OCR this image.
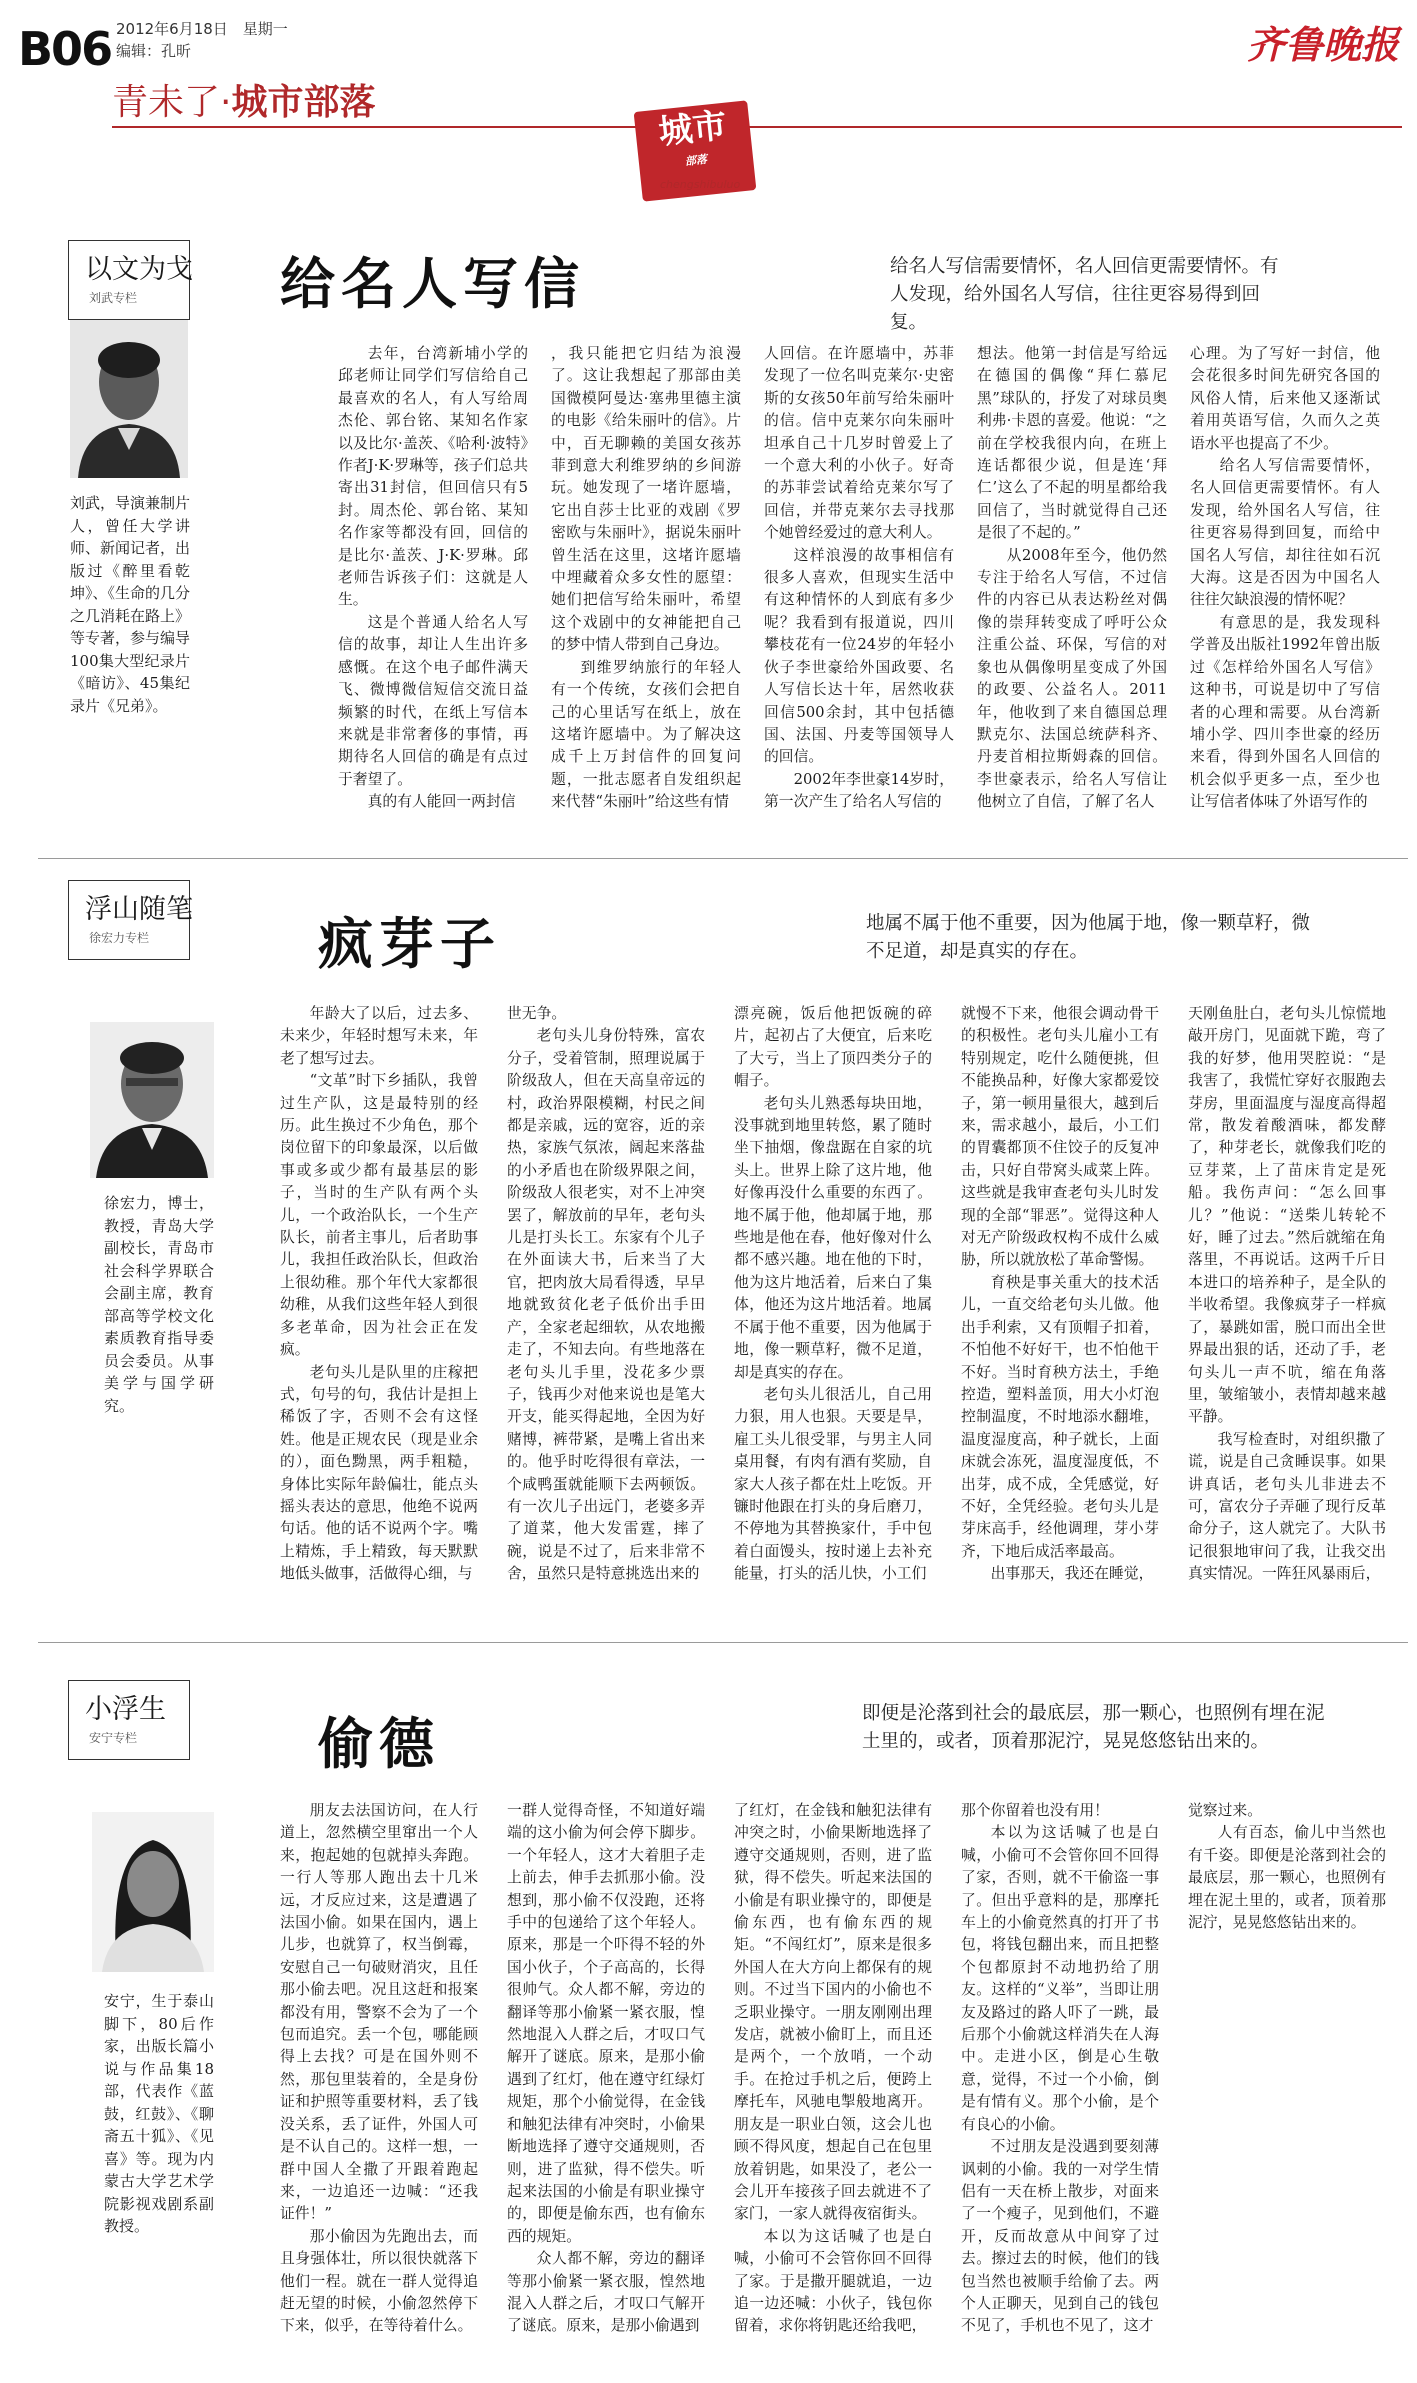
B06 2012年6月18日　星期一
编辑：孔昕
青未了·城市部落
齐鲁晚报
城市
部落
chengshibuluo
以文为戈
刘武专栏
刘武，导演兼制片人，曾任大学讲师、新闻记者，出版过《醉里看乾坤》、《生命的几分之几消耗在路上》等专著，参与编导100集大型纪录片《暗访》、45集纪录片《兄弟》。
给名人写信	给名人写信需要情怀，名人回信更需要情怀。有人发现，给外国名人写信，往往更容易得到回复。

去年，台湾新埔小学的邱老师让同学们写信给自己最喜欢的名人，有人写给周杰伦、郭台铭、某知名作家以及比尔·盖茨、《哈利·波特》作者J·K·罗琳等，孩子们总共寄出31封信，但回信只有5封。周杰伦、郭台铭、某知名作家等都没有回，回信的是比尔·盖茨、J·K·罗琳。邱老师告诉孩子们：这就是人生。

这是个普通人给名人写信的故事，却让人生出许多感慨。在这个电子邮件满天飞、微博微信短信交流日益频繁的时代，在纸上写信本来就是非常奢侈的事情，再期待名人回信的确是有点过于奢望了。

真的有人能回一两封信

，我只能把它归结为浪漫了。这让我想起了那部由美国微模阿曼达·塞弗里德主演的电影《给朱丽叶的信》。片中，百无聊赖的美国女孩苏菲到意大利维罗纳的乡间游玩。她发现了一堵许愿墙，它出自莎士比亚的戏剧《罗密欧与朱丽叶》，据说朱丽叶曾生活在这里，这堵许愿墙中埋藏着众多女性的愿望：她们把信写给朱丽叶，希望这个戏剧中的女神能把自己的梦中情人带到自己身边。

到维罗纳旅行的年轻人有一个传统，女孩们会把自己的心里话写在纸上，放在这堵许愿墙中。为了解决这成千上万封信件的回复问题，一批志愿者自发组织起来代替“朱丽叶”给这些有情

人回信。在许愿墙中，苏菲发现了一位名叫克莱尔·史密斯的女孩50年前写给朱丽叶的信。信中克莱尔向朱丽叶坦承自己十几岁时曾爱上了一个意大利的小伙子。好奇的苏菲尝试着给克莱尔写了回信，并带克莱尔去寻找那个她曾经爱过的意大利人。

这样浪漫的故事相信有很多人喜欢，但现实生活中有这种情怀的人到底有多少呢？我看到有报道说，四川攀枝花有一位24岁的年轻小伙子李世豪给外国政要、名人写信长达十年，居然收获回信500余封，其中包括德国、法国、丹麦等国领导人的回信。

2002年李世豪14岁时，第一次产生了给名人写信的

想法。他第一封信是写给远在德国的偶像“拜仁慕尼黑”球队的，抒发了对球员奥利弗·卡恩的喜爱。他说：“之前在学校我很内向，在班上连话都很少说，但是连‘拜仁’这么了不起的明星都给我回信了，当时就觉得自己还是很了不起的。”

从2008年至今，他仍然专注于给名人写信，不过信件的内容已从表达粉丝对偶像的崇拜转变成了呼吁公众注重公益、环保，写信的对象也从偶像明星变成了外国的政要、公益名人。2011年，他收到了来自德国总理默克尔、法国总统萨科齐、丹麦首相拉斯姆森的回信。李世豪表示，给名人写信让他树立了自信，了解了名人

心理。为了写好一封信，他会花很多时间先研究各国的风俗人情，后来他又逐渐试着用英语写信，久而久之英语水平也提高了不少。

给名人写信需要情怀，名人回信更需要情怀。有人发现，给外国名人写信，往往更容易得到回复，而给中国名人写信，却往往如石沉大海。这是否因为中国名人往往欠缺浪漫的情怀呢？

有意思的是，我发现科学普及出版社1992年曾出版过《怎样给外国名人写信》这种书，可说是切中了写信者的心理和需要。从台湾新埔小学、四川李世豪的经历来看，得到外国名人回信的机会似乎更多一点，至少也让写信者体味了外语写作的

浮山随笔
徐宏力专栏
徐宏力，博士，教授，青岛大学副校长，青岛市社会科学界联合会副主席，教育部高等学校文化素质教育指导委员会委员。从事美学与国学研究。
疯芽子	地属不属于他不重要，因为他属于地，像一颗草籽，微不足道，却是真实的存在。

年龄大了以后，过去多、未来少，年轻时想写未来，年老了想写过去。

“文革”时下乡插队，我曾过生产队，这是最特别的经历。此生换过不少角色，那个岗位留下的印象最深，以后做事或多或少都有最基层的影子，当时的生产队有两个头儿，一个政治队长，一个生产队长，前者主事儿，后者助事儿，我担任政治队长，但政治上很幼稚。那个年代大家都很幼稚，从我们这些年轻人到很多老革命，因为社会正在发疯。

老句头儿是队里的庄稼把式，句号的句，我估计是担上稀饭了字，否则不会有这怪姓。他是正规农民（现是业余的），面色黝黑，两手粗糙，身体比实际年龄偏壮，能点头摇头表达的意思，他绝不说两句话。他的话不说两个字。嘴上精炼，手上精致，每天默默地低头做事，活做得心细，与

世无争。

老句头儿身份特殊，富农分子，受着管制，照理说属于阶级敌人，但在天高皇帝远的村，政治界限模糊，村民之间都是亲戚，远的宽容，近的亲热，家族气氛浓，阔起来落盐的小矛盾也在阶级界限之间，阶级敌人很老实，对不上冲突罢了，解放前的早年，老句头儿是打头长工。东家有个儿子在外面读大书，后来当了大官，把肉放大局看得透，早早地就致贫化老子低价出手田产，全家老起细软，从农地搬走了，不知去向。有些地落在老句头儿手里，没花多少票子，钱再少对他来说也是笔大开支，能买得起地，全因为好赌博，裤带紧，是嘴上省出来的。他乎时吃得很有章法，一个咸鸭蛋就能顺下去两顿饭。有一次儿子出远门，老婆多弄了道菜，他大发雷霆，摔了碗，说是不过了，后来非常不舍，虽然只是特意挑选出来的

漂亮碗，饭后他把饭碗的碎片，起初占了大便宜，后来吃了大亏，当上了顶四类分子的帽子。

老句头儿熟悉每块田地，没事就到地里转悠，累了随时坐下抽烟，像盘踞在自家的坑头上。世界上除了这片地，他好像再没什么重要的东西了。地不属于他，他却属于地，那些地是他在春，他好像对什么都不感兴趣。地在他的下时，他为这片地活着，后来白了集体，他还为这片地活着。地属不属于他不重要，因为他属于地，像一颗草籽，微不足道，却是真实的存在。

老句头儿很活儿，自己用力狠，用人也狠。天要是旱，雇工头儿很受罪，与男主人同桌用餐，有肉有酒有奖励，自家大人孩子都在灶上吃饭。开镰时他跟在打头的身后磨刀，不停地为其替换家什，手中包着白面馒头，按时递上去补充能量，打头的活儿快，小工们

就慢不下来，他很会调动骨干的积极性。老句头儿雇小工有特别规定，吃什么随便挑，但不能换品种，好像大家都爱饺子，第一顿用量很大，越到后来，需求越小，最后，小工们的胃囊都顶不住饺子的反复冲击，只好自带窝头咸菜上阵。这些就是我审查老句头儿时发现的全部“罪恶”。觉得这种人对无产阶级政权构不成什么威胁，所以就放松了革命警惕。

育秧是事关重大的技术活儿，一直交给老句头儿做。他出手利索，又有顶帽子扣着，不怕他不好好干，也不怕他干不好。当时育秧方法土，手绝控造，塑料盖顶，用大小灯泡控制温度，不时地添水翻堆，温度湿度高，种子就长，上面床就会冻死，温度湿度低，不出芽，成不成，全凭感觉，好不好，全凭经验。老句头儿是芽床高手，经他调理，芽小芽齐，下地后成活率最高。

出事那天，我还在睡觉，

天刚鱼肚白，老句头儿惊慌地敲开房门，见面就下跪，弯了我的好梦，他用哭腔说：“是我害了，我慌忙穿好衣服跑去芽房，里面温度与湿度高得超常，散发着酸酒味，都发酵了，种芽老长，就像我们吃的豆芽菜，上了苗床肯定是死船。我伤声问：“怎么回事儿？”他说：“送柴儿转轮不好，睡了过去。”然后就缩在角落里，不再说话。这两千斤日本进口的培养种子，是全队的半收希望。我像疯芽子一样疯了，暴跳如雷，脱口而出全世界最出狠的话，还动了手，老句头儿一声不吭，缩在角落里，皱缩皱小，表情却越来越平静。

我写检查时，对组织撒了谎，说是自己贪睡误事。如果讲真话，老句头儿非进去不可，富农分子弄砸了现行反革命分子，这人就完了。大队书记很狠地审问了我，让我交出真实情况。一阵狂风暴雨后，

小浮生
安宁专栏
安宁，生于泰山脚下，80后作家，出版长篇小说与作品集18部，代表作《蓝鼓，红鼓》、《聊斋五十狐》、《见喜》等。现为内蒙古大学艺术学院影视戏剧系副教授。
偷德	即便是沦落到社会的最底层，那一颗心，也照例有埋在泥土里的，或者，顶着那泥泞，晃晃悠悠钻出来的。

朋友去法国访问，在人行道上，忽然横空里窜出一个人来，抱起她的包就掉头奔跑。一行人等那人跑出去十几米远，才反应过来，这是遭遇了法国小偷。如果在国内，遇上儿步，也就算了，权当倒霉，安慰自己一句破财消灾，且任那小偷去吧。况且这赶和报案都没有用，警察不会为了一个包而追究。丢一个包，哪能顾得上去找？可是在国外则不然，那包里装着的，全是身份证和护照等重要材料，丢了钱没关系，丢了证件，外国人可是不认自己的。这样一想，一群中国人全撒了开跟着跑起来，一边追还一边喊：“还我证件！”

那小偷因为先跑出去，而且身强体壮，所以很快就落下他们一程。就在一群人觉得追赶无望的时候，小偷忽然停下下来，似乎，在等待着什么。

一群人觉得奇怪，不知道好端端的这小偷为何会停下脚步。一个年轻人，这才大着胆子走上前去，伸手去抓那小偷。没想到，那小偷不仅没跑，还将手中的包递给了这个年轻人。原来，那是一个吓得不轻的外国小伙子，个子高高的，长得很帅气。众人都不解，旁边的翻译等那小偷紧一紧衣服，惶然地混入人群之后，才叹口气解开了谜底。原来，是那小偷遇到了红灯，他在遵守红绿灯规矩，那个小偷觉得，在金钱和触犯法律有冲突时，小偷果断地选择了遵守交通规则，否则，进了监狱，得不偿失。听起来法国的小偷是有职业操守的，即便是偷东西，也有偷东西的规矩。

众人都不解，旁边的翻译等那小偷紧一紧衣服，惶然地混入人群之后，才叹口气解开了谜底。原来，是那小偷遇到

了红灯，在金钱和触犯法律有冲突之时，小偷果断地选择了遵守交通规则，否则，进了监狱，得不偿失。听起来法国的小偷是有职业操守的，即便是偷东西，也有偷东西的规矩。“不闯红灯”，原来是很多外国人在大方向上都保有的规则。不过当下国内的小偷也不乏职业操守。一朋友刚刚出理发店，就被小偷盯上，而且还是两个，一个放哨，一个动手。在抢过手机之后，便跨上摩托车，风驰电掣般地离开。朋友是一职业白领，这会儿也顾不得风度，想起自己在包里放着钥匙，如果没了，老公一会儿开车接孩子回去就进不了家门，一家人就得夜宿街头。

本以为这话喊了也是白喊，小偷可不会管你回不回得了家。于是撒开腿就追，一边追一边还喊：小伙子，钱包你留着，求你将钥匙还给我吧，

那个你留着也没有用！

本以为这话喊了也是白喊，小偷可不会管你回不回得了家，否则，就不干偷盗一事了。但出乎意料的是，那摩托车上的小偷竟然真的打开了书包，将钱包翻出来，而且把整个包都原封不动地扔给了朋友。这样的“义举”，当即让朋友及路过的路人吓了一跳，最后那个小偷就这样消失在人海中。走进小区，倒是心生敬意，觉得，不过一个小偷，倒是有情有义。那个小偷，是个有良心的小偷。

不过朋友是没遇到要刻薄讽刺的小偷。我的一对学生情侣有一天在桥上散步，对面来了一个瘦子，见到他们，不避开，反而故意从中间穿了过去。擦过去的时候，他们的钱包当然也被顺手给偷了去。两个人正聊天，见到自己的钱包不见了，手机也不见了，这才

觉察过来。

人有百态，偷儿中当然也有千姿。即便是沦落到社会的最底层，那一颗心，也照例有埋在泥土里的，或者，顶着那泥泞，晃晃悠悠钻出来的。
